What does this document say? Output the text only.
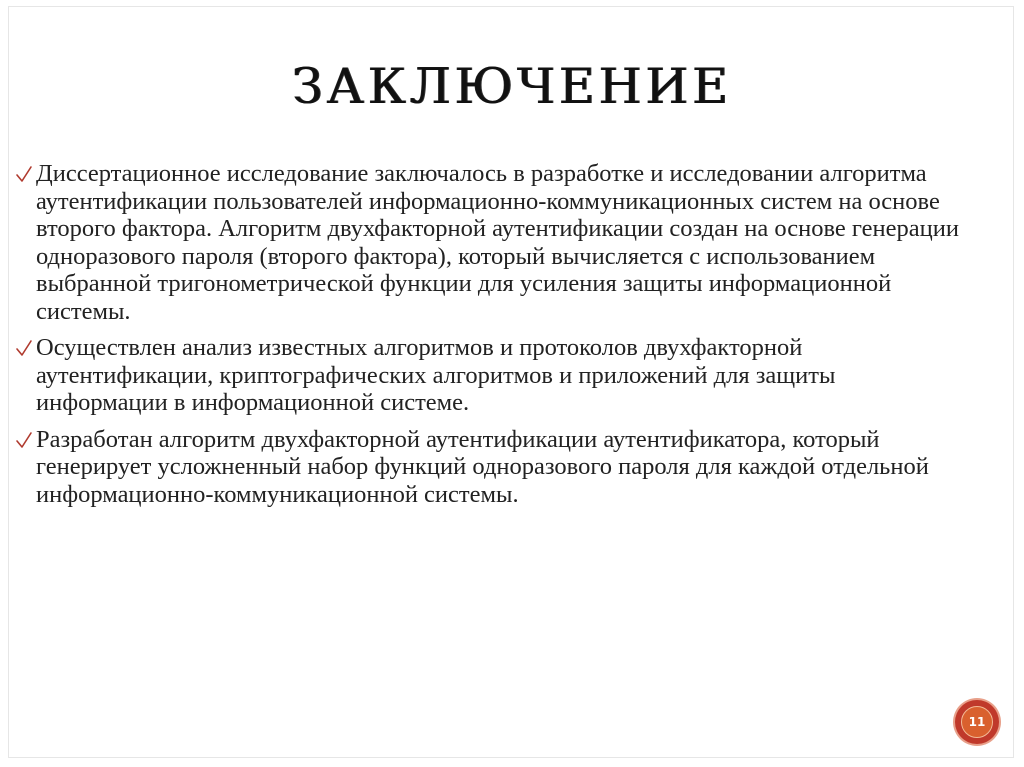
ЗАКЛЮЧЕНИЕ
Диссертационное исследование заключалось в разработке и исследовании алгоритма аутентификации пользователей информационно-коммуникационных систем на основе второго фактора. Алгоритм двухфакторной аутентификации создан на основе генерации одноразового пароля (второго фактора), который вычисляется с использованием выбранной тригонометрической функции для усиления защиты информационной системы.
Осуществлен анализ известных алгоритмов и протоколов двухфакторной аутентификации, криптографических алгоритмов и приложений для защиты информации в информационной системе.
Разработан алгоритм двухфакторной аутентификации аутентификатора, который генерирует усложненный набор функций одноразового пароля для каждой отдельной информационно-коммуникационной системы.
11
